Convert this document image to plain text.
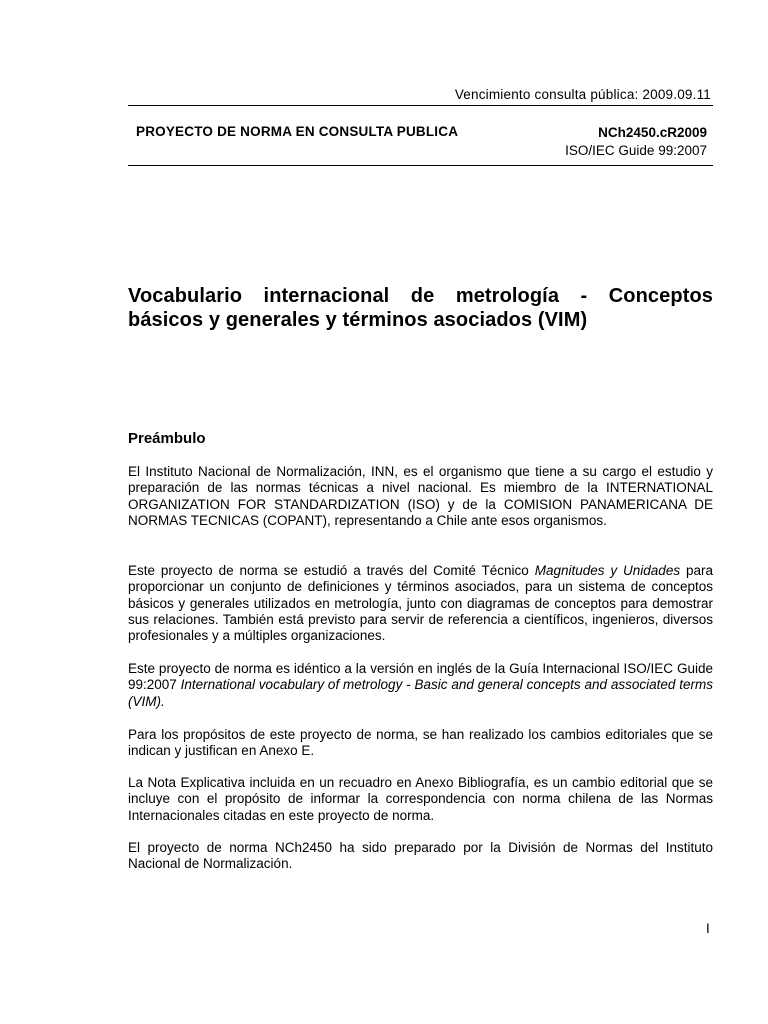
Vencimiento consulta pública: 2009.09.11
PROYECTO DE NORMA EN CONSULTA PUBLICA	NCh2450.cR2009
ISO/IEC Guide 99:2007
Vocabulario internacional de metrología - Conceptos
básicos y generales y términos asociados (VIM)
Preámbulo

El Instituto Nacional de Normalización, INN, es el organismo que tiene a su cargo el estudio y preparación de las normas técnicas a nivel nacional. Es miembro de la INTERNATIONAL ORGANIZATION FOR STANDARDIZATION (ISO) y de la COMISION PANAMERICANA DE NORMAS TECNICAS (COPANT), representando a Chile ante esos organismos.

Este proyecto de norma se estudió a través del Comité Técnico Magnitudes y Unidades para proporcionar un conjunto de definiciones y términos asociados, para un sistema de conceptos básicos y generales utilizados en metrología, junto con diagramas de conceptos para demostrar sus relaciones. También está previsto para servir de referencia a científicos, ingenieros, diversos profesionales y a múltiples organizaciones.

Este proyecto de norma es idéntico a la versión en inglés de la Guía Internacional ISO/IEC Guide 99:2007 International vocabulary of metrology - Basic and general concepts and associated terms (VIM).

Para los propósitos de este proyecto de norma, se han realizado los cambios editoriales que se indican y justifican en Anexo E.

La Nota Explicativa incluida en un recuadro en Anexo Bibliografía, es un cambio editorial que se incluye con el propósito de informar la correspondencia con norma chilena de las Normas Internacionales citadas en este proyecto de norma.

El proyecto de norma NCh2450 ha sido preparado por la División de Normas del Instituto Nacional de Normalización.

I
